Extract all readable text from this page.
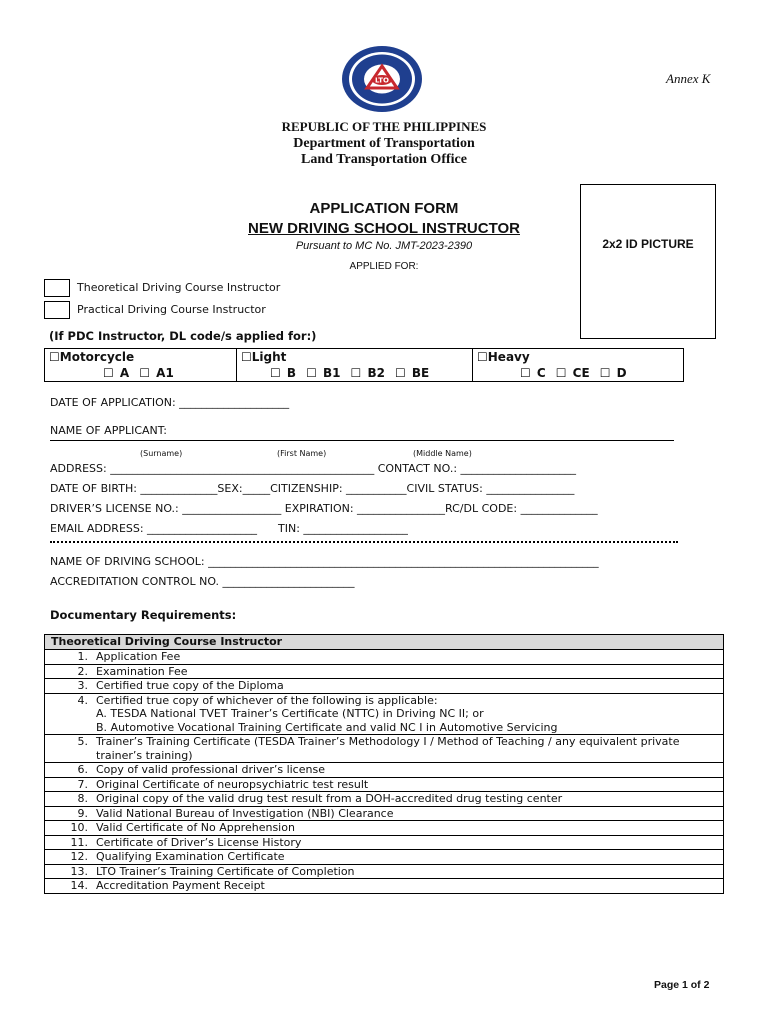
LTO	Annex K
REPUBLIC OF THE PHILIPPINES
Department of Transportation
Land Transportation Office
APPLICATION FORM
NEW DRIVING SCHOOL INSTRUCTOR
Pursuant to MC No. JMT-2023-2390
APPLIED FOR:
2x2 ID PICTURE
Theoretical Driving Course Instructor
Practical Driving Course Instructor
(If PDC Instructor, DL code/s applied for:)
☐Motorcycle
☐ A ☐ A1
☐Light
☐ B ☐ B1 ☐ B2 ☐ BE
☐Heavy
☐ C ☐ CE ☐ D
DATE OF APPLICATION: ____________________
NAME OF APPLICANT:
(Surname)	(First Name)	(Middle Name)
ADDRESS: ________________________________________________ CONTACT NO.: _____________________
DATE OF BIRTH: ______________SEX:_____CITIZENSHIP: ___________CIVIL STATUS: ________________
DRIVER’S LICENSE NO.: __________________ EXPIRATION: ________________RC/DL CODE: ______________
EMAIL ADDRESS: ____________________      TIN: ___________________
NAME OF DRIVING SCHOOL: _______________________________________________________________________
ACCREDITATION CONTROL NO. ________________________
Documentary Requirements:
Theoretical Driving Course Instructor
1. Application Fee

2. Examination Fee

3. Certified true copy of the Diploma

4. Certified true copy of whichever of the following is applicable:
A. TESDA National TVET Trainer’s Certificate (NTTC) in Driving NC II; or
B. Automotive Vocational Training Certificate and valid NC I in Automotive Servicing

5. Trainer’s Training Certificate (TESDA Trainer’s Methodology I / Method of Teaching / any equivalent private
trainer’s training)

6. Copy of valid professional driver’s license

7. Original Certificate of neuropsychiatric test result

8. Original copy of the valid drug test result from a DOH-accredited drug testing center

9. Valid National Bureau of Investigation (NBI) Clearance

10. Valid Certificate of No Apprehension

11. Certificate of Driver’s License History

12. Qualifying Examination Certificate

13. LTO Trainer’s Training Certificate of Completion

14. Accreditation Payment Receipt
Page 1 of 2
